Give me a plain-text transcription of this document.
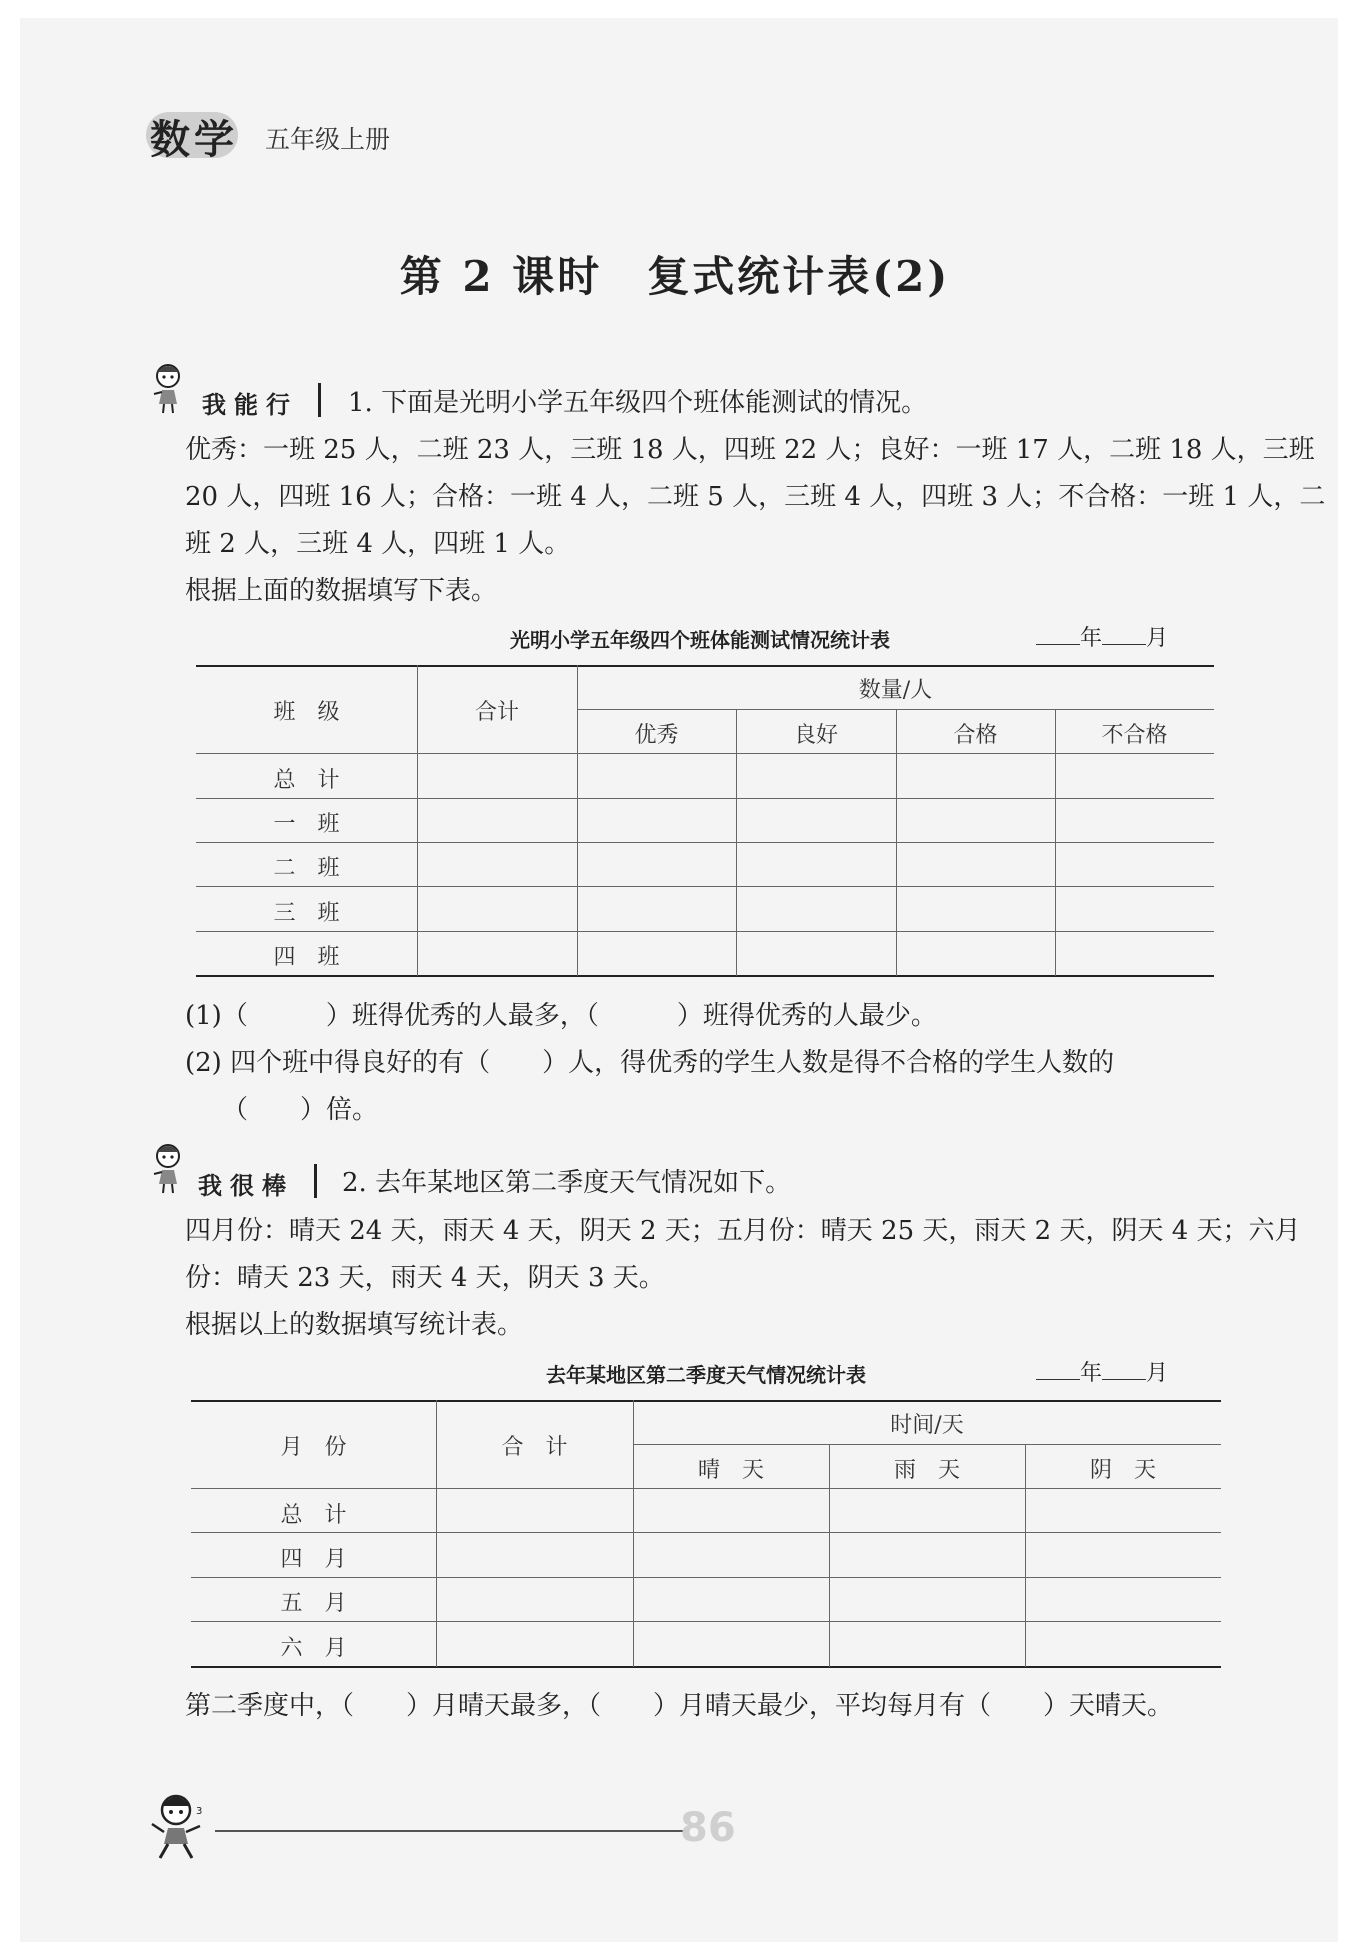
数学 五年级上册
第 2 课时　复式统计表(2)
我能行 1. 下面是光明小学五年级四个班体能测试的情况。
优秀：一班 25 人，二班 23 人，三班 18 人，四班 22 人；良好：一班 17 人，二班 18 人，三班
20 人，四班 16 人；合格：一班 4 人，二班 5 人，三班 4 人，四班 3 人；不合格：一班 1 人，二
班 2 人，三班 4 人，四班 1 人。
根据上面的数据填写下表。
光明小学五年级四个班体能测试情况统计表	年 月
班　级	合计
数量/人
优秀	良好	合格	不合格
总　计
一　班
二　班
三　班
四　班
(1)（　　　）班得优秀的人最多，（　　　）班得优秀的人最少。
(2) 四个班中得良好的有（　　）人，得优秀的学生人数是得不合格的学生人数的
（　　）倍。
我很棒 2. 去年某地区第二季度天气情况如下。
四月份：晴天 24 天，雨天 4 天，阴天 2 天；五月份：晴天 25 天，雨天 2 天，阴天 4 天；六月
份：晴天 23 天，雨天 4 天，阴天 3 天。
根据以上的数据填写统计表。
去年某地区第二季度天气情况统计表	年 月
月　份	合　计
时间/天
晴　天	雨　天	阴　天
总　计
四　月
五　月
六　月
第二季度中，（　　）月晴天最多，（　　）月晴天最少，平均每月有（　　）天晴天。
3	86
